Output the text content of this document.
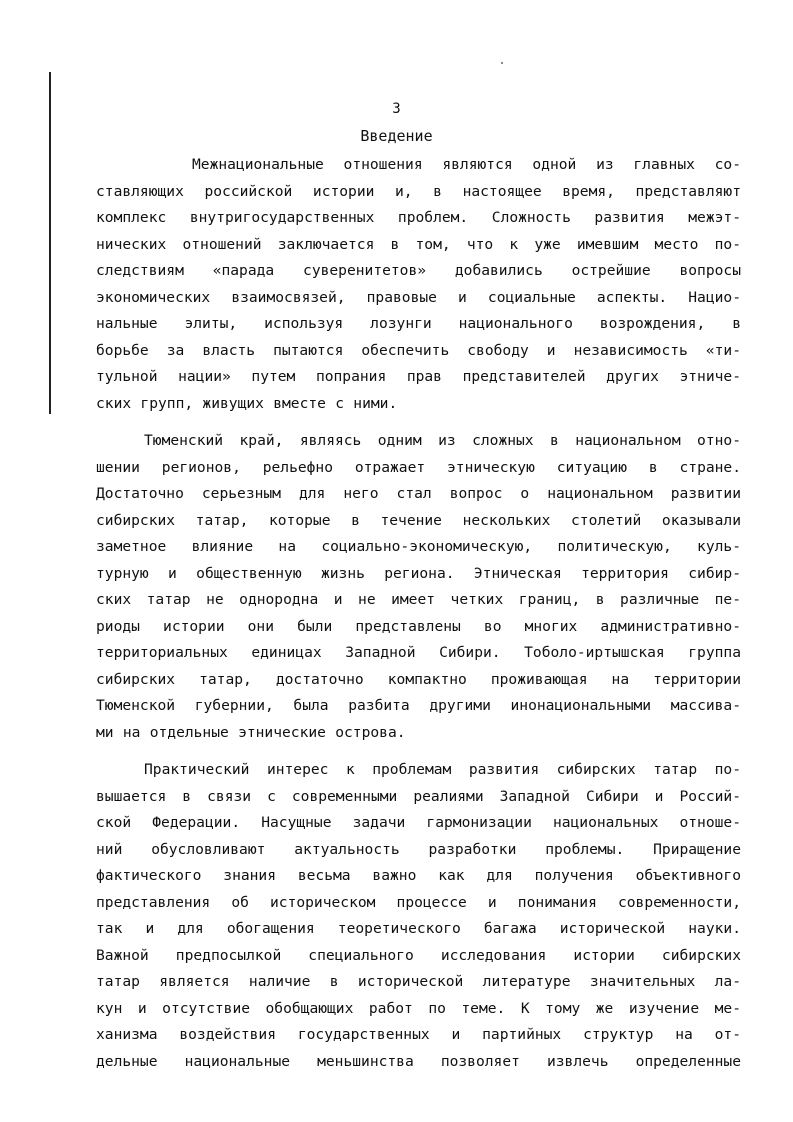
3
Введение
Межнациональные отношения являются одной из главных со-
ставляющих российской истории и, в настоящее время, представляют
комплекс внутригосударственных проблем. Сложность развития межэт-
нических отношений заключается в том, что к уже имевшим место по-
следствиям «парада суверенитетов» добавились острейшие вопросы
экономических взаимосвязей, правовые и социальные аспекты. Нацио-
нальные элиты, используя лозунги национального возрождения, в
борьбе за власть пытаются обеспечить свободу и независимость «ти-
тульной нации» путем попрания прав представителей других этниче-
ских групп, живущих вместе с ними.
Тюменский край, являясь одним из сложных в национальном отно-
шении регионов, рельефно отражает этническую ситуацию в стране.
Достаточно серьезным для него стал вопрос о национальном развитии
сибирских татар, которые в течение нескольких столетий оказывали
заметное влияние на социально-экономическую, политическую, куль-
турную и общественную жизнь региона. Этническая территория сибир-
ских татар не однородна и не имеет четких границ, в различные пе-
риоды истории они были представлены во многих административно-
территориальных единицах Западной Сибири. Тоболо-иртышская группа
сибирских татар, достаточно компактно проживающая на территории
Тюменской губернии, была разбита другими инонациональными массива-
ми на отдельные этнические острова.
Практический интерес к проблемам развития сибирских татар по-
вышается в связи с современными реалиями Западной Сибири и Россий-
ской Федерации. Насущные задачи гармонизации национальных отноше-
ний обусловливают актуальность разработки проблемы. Приращение
фактического знания весьма важно как для получения объективного
представления об историческом процессе и понимания современности,
так и для обогащения теоретического багажа исторической науки.
Важной предпосылкой специального исследования истории сибирских
татар является наличие в исторической литературе значительных ла-
кун и отсутствие обобщающих работ по теме. К тому же изучение ме-
ханизма воздействия государственных и партийных структур на от-
дельные национальные меньшинства позволяет извлечь определенные
